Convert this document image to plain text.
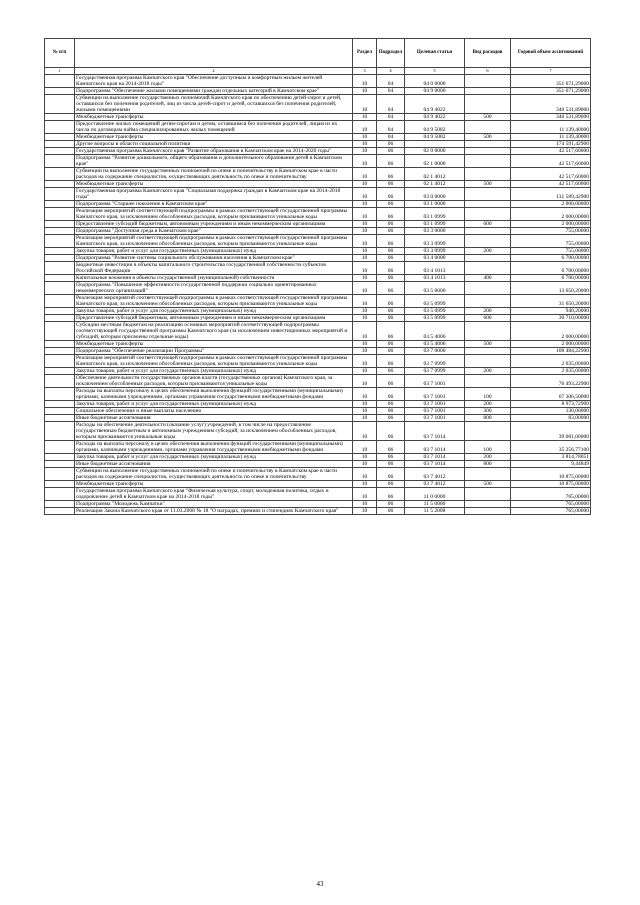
№ п/п		Раздел	Подраздел	Целевая статья	Вид расходов	Годовой объем ассигнований
1	2	3	4	5	6	7
	Государственная программа Камчатского края "Обеспечение доступным и комфортным жильем жителей Камчатского края на 2014-2018 годы"	10	04	04 0 0000		351 671,29000
	Подпрограмма "Обеспечение жилыми помещениями граждан отдельных категорий в Камчатском крае"	10	04	04 9 0000		351 671,29000
	Субвенции на выполнение государственных полномочий Камчатского края по обеспечению детей-сирот и детей, оставшихся без попечения родителей, лиц из числа детей-сирот и детей, оставшихся без попечения родителей, жилыми помещениями	10	04	04 9 4022		340 531,89000
	Межбюджетные трансферты	10	04	04 9 4022	500	340 531,89000
	Предоставление жилых помещений детям-сиротам и детям, оставшимся без попечения родителей, лицам из их числа по договорам найма специализированных жилых помещений	10	04	04 9 5082		11 139,40000
	Межбюджетные трансферты	10	04	04 9 5082	500	11 139,40000
	Другие вопросы в области социальной политики	10	06			174 591,42900
	Государственная программа Камчатского края "Развитие образования в Камчатском крае на 2014-2020 годы"	10	06	02 0 0000		42 517,60000
	Подпрограмма "Развитие дошкольного, общего образования и дополнительного образования детей в Камчатском крае"	10	06	02 1 0000		42 517,60000
	Субвенции на выполнение государственных полномочий по опеке и попечительству в Камчатском крае в части расходов на содержание специалистов, осуществляющих деятельность по опеке и попечительству	10	06	02 1 4012		42 517,60000
	Межбюджетные трансферты	10	06	02 1 4012	500	42 517,60000
	Государственная программа Камчатского края "Социальная поддержка граждан в Камчатском крае на 2014-2018 годы"	10	06	03 0 0000		131 589,42900
	Подпрограмма "Старшее поколение в Камчатском крае"	10	06	03 1 0000		2 000,00000
	Реализация мероприятий соответствующей подпрограммы в рамках соответствующей государственной программы Камчатского края, за исключением обособленных расходов, которым присваиваются уникальные коды	10	06	03 1 0999		2 000,00000
	Предоставление субсидий бюджетным, автономным учреждениям и иным некоммерческим организациям	10	06	03 1 0999	600	2 000,00000
	Подпрограмма "Доступная среда в Камчатском крае"	10	06	03 3 0000		755,00000
	Реализация мероприятий соответствующей подпрограммы в рамках соответствующей государственной программы Камчатского края, за исключением обособленных расходов, которым присваиваются уникальные коды	10	06	03 3 0999		755,00000
	Закупка товаров, работ и услуг для государственных (муниципальных) нужд	10	06	03 3 0999	200	755,00000
	Подпрограмма "Развитие системы социального обслуживания населения в Камчатском крае"	10	06	03 4 0000		6 700,00000
	Бюджетные инвестиции в объекты капитального строительства государственной собственности субъектов Российской Федерации	10	06	03 4 1013		6 700,00000
	Капитальные вложения в объекты государственной (муниципальной) собственности	10	06	03 4 1013	400	6 700,00000
	Подпрограмма "Повышение эффективности государственной поддержки социально ориентированных некоммерческих организаций"	10	06	03 5 0000		13 650,20000
	Реализация мероприятий соответствующей подпрограммы в рамках соответствующей государственной программы Камчатского края, за исключением обособленных расходов, которым присваиваются уникальные коды	10	06	03 5 0999		31 650,20000
	Закупка товаров, работ и услуг для государственных (муниципальных) нужд	10	06	03 5 0999	200	940,20000
	Предоставление субсидий бюджетным, автономным учреждениям и иным некоммерческим организациям	10	06	03 5 0999	600	30 710,00000
	Субсидии местным бюджетам на реализацию основных мероприятий соответствующей подпрограммы соответствующей государственной программы Камчатского края (за исключением инвестиционных мероприятий и субсидий, которым присвоены отдельные коды)	10	06	03 5 4006		2 000,00000
	Межбюджетные трансферты	10	06	03 5 4006	500	2 000,00000
	Подпрограмма "Обеспечение реализации Программы"	10	06	03 7 0000		108 484,22900
	Реализация мероприятий соответствующей подпрограммы в рамках соответствующей государственной программы Камчатского края, за исключением обособленных расходов, которым присваиваются уникальные коды	10	06	03 7 0999		2 035,00000
	Закупка товаров, работ и услуг для государственных (муниципальных) нужд	10	06	03 7 0999	200	2 035,00000
	Обеспечение деятельности государственных органов власти (государственных органов) Камчатского края, за исключением обособленных расходов, которым присваиваются уникальные коды	10	06	03 7 1001		76 493,22900
	Расходы на выплаты персоналу в целях обеспечения выполнения функций государственными (муниципальными) органами, казенными учреждениями, органами управления государственными внебюджетными фондами	10	06	03 7 1001	100	67 306,50000
	Закупка товаров, работ и услуг для государственных (муниципальных) нужд	10	06	03 7 1001	200	8 973,72900
	Социальное обеспечение и иные выплаты населению	10	06	03 7 1001	300	130,00000
	Иные бюджетные ассигнования	10	06	03 7 1001	800	83,00000
	Расходы на обеспечение деятельности (оказание услуг) учреждений, в том числе на предоставление государственным бюджетным и автономным учреждениям субсидий, за исключением обособленных расходов, которым присваиваются уникальные коды	10	06	03 7 1014		39 081,00000
	Расходы на выплаты персоналу в целях обеспечения выполнения функций государственными (муниципальными) органами, казенными учреждениями, органами управления государственными внебюджетными фондами	10	06	03 7 1014	100	35 256,77100
	Закупка товаров, работ и услуг для государственных (муниципальных) нужд	10	06	03 7 1014	200	3 814,78051
	Иные бюджетные ассигнования	10	06	03 7 1014	800	9,44849
	Субвенции на выполнение государственных полномочий по опеке и попечительству в Камчатском крае в части расходов на содержание специалистов, осуществляющих деятельность по опеке и попечительству	10	06	03 7 4012		10 875,00000
	Межбюджетные трансферты	10	06	03 7 4012	500	10 875,00000
	Государственная программа Камчатского края "Физическая культура, спорт, молодежная политика, отдых и оздоровление детей в Камчатском крае на 2014-2018 годы"	10	06	11 0 0000		765,00000
	Подпрограмма "Молодежь Камчатки"	10	06	11 5 0000		765,00000
	Реализация Закона Камчатского края от 11.03.2008 № 18 "О наградах, премиях и стипендиях Камчатского края"	10	06	11 5 2008		765,00000
43
